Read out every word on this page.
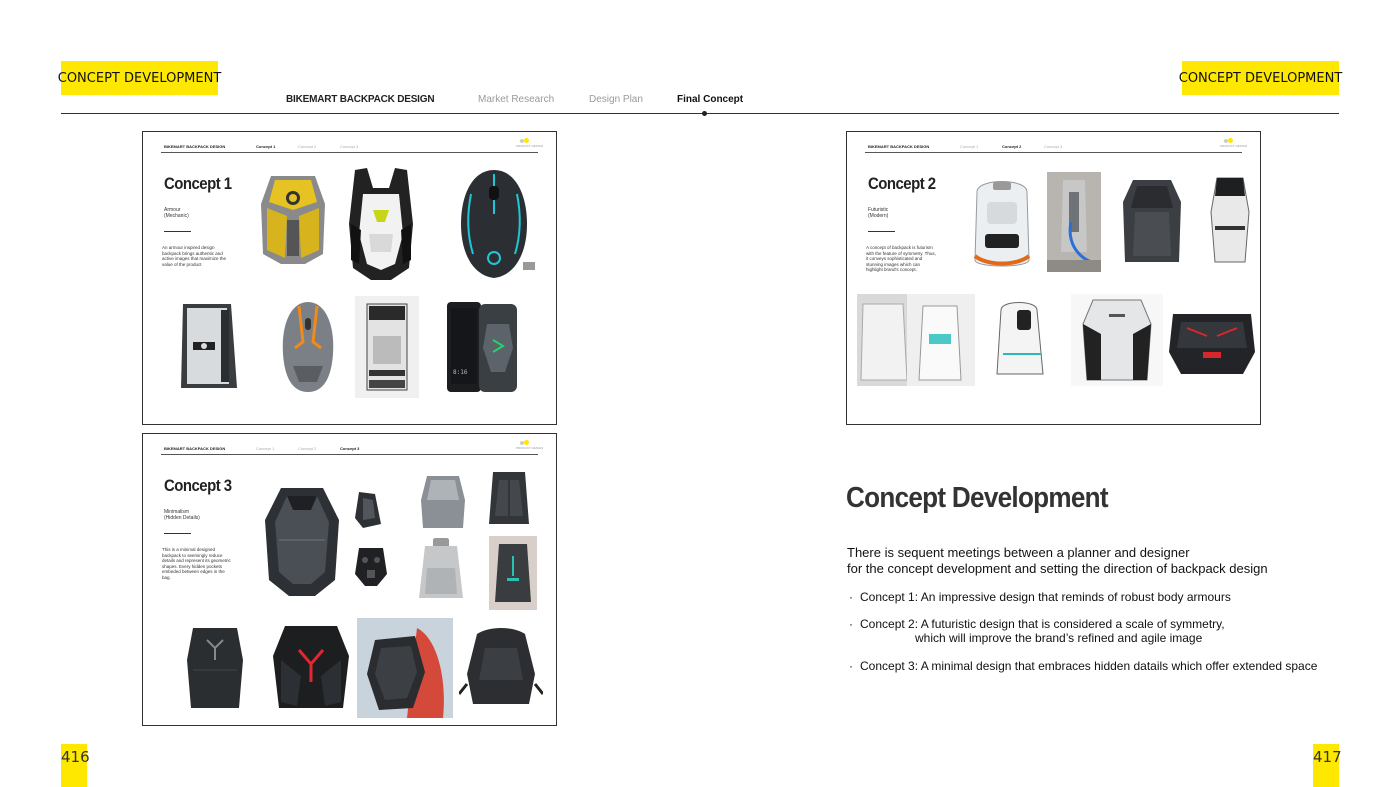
CONCEPT DEVELOPMENT	CONCEPT DEVELOPMENT
BIKEMART BACKPACK DESIGN	Market Research	Design Plan	Final Concept
BIKEMART BACKPACK DESIGN	Concept 1	Concept 2	Concept 3	PRODUCT DESIGN
Concept 1
Armour
(Mechanic)
An armour inspired design backpack brings authentic and active images that maximize the value of the product
8:16
BIKEMART BACKPACK DESIGN	Concept 1	Concept 2	Concept 3	PRODUCT DESIGN
Concept 2
Futuristic
(Modern)
A concept of backpack is futurism with the feature of symmetry. Thus, it conveys sophisticated and stunning images which can highlight brand's concept.
BIKEMART BACKPACK DESIGN	Concept 1	Concept 2	Concept 3	PRODUCT DESIGN
Concept 3
Minimalism
(Hidden Details)
This is a minimal designed backpack to seemingly reduce details and represent its geometric shapes. Every hidden pockets embeded between edges in the bag.
Concept Development
There is sequent meetings between a planner and designer
for the concept development and setting the direction of backpack design
· Concept 1: An impressive design that reminds of robust body armours
· Concept 2: A futuristic design that is considered a scale of symmetry,
which will improve the brand’s refined and agile image
· Concept 3: A minimal design that embraces hidden datails which offer extended space
416	417
